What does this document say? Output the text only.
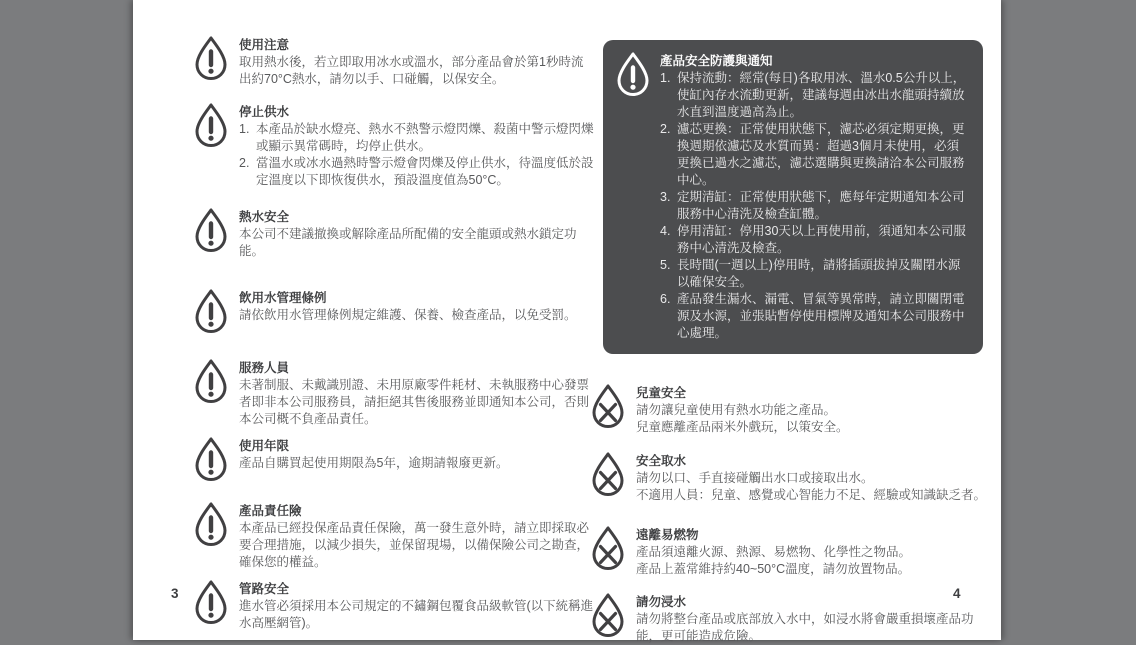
使用注意
取用熱水後，若立即取用冰水或溫水，部分產品會於第1秒時流出約70°C熱水，請勿以手、口碰觸，以保安全。
停止供水
本產品於缺水燈亮、熱水不熱警示燈閃爍、殺菌中警示燈閃爍或顯示異常碼時，均停止供水。
當溫水或冰水過熱時警示燈會閃爍及停止供水，待溫度低於設定溫度以下即恢復供水，預設溫度值為50°C。
熱水安全
本公司不建議撤換或解除產品所配備的安全龍頭或熱水鎖定功能。
飲用水管理條例
請依飲用水管理條例規定維護、保養、檢查產品，以免受罰。
服務人員
未著制服、未戴識別證、未用原廠零件耗材、未執服務中心發票者即非本公司服務員，請拒絕其售後服務並即通知本公司，否則本公司概不負產品責任。
使用年限
產品自購買起使用期限為5年，逾期請報廢更新。
產品責任險
本產品已經投保產品責任保險，萬一發生意外時，請立即採取必要合理措施，以減少損失，並保留現場，以備保險公司之勘查，確保您的權益。
管路安全
進水管必須採用本公司規定的不鏽鋼包覆食品級軟管(以下統稱進水高壓網管)。
產品安全防護與通知
保持流動：經常(每日)各取用冰、溫水0.5公升以上，使缸內存水流動更新，建議每週由冰出水龍頭持續放水直到溫度過高為止。
濾芯更換：正常使用狀態下，濾芯必須定期更換，更換週期依濾芯及水質而異：超過3個月未使用，必須更換已過水之濾芯，濾芯選購與更換請洽本公司服務中心。
定期清缸：正常使用狀態下，應每年定期通知本公司服務中心清洗及檢查缸體。
停用清缸：停用30天以上再使用前，須通知本公司服務中心清洗及檢查。
長時間(一週以上)停用時，請將插頭拔掉及關閉水源以確保安全。
產品發生漏水、漏電、冒氣等異常時，請立即關閉電源及水源，並張貼暫停使用標牌及通知本公司服務中心處理。
兒童安全
請勿讓兒童使用有熱水功能之產品。
兒童應離產品兩米外戲玩，以策安全。
安全取水
請勿以口、手直接碰觸出水口或接取出水。
不適用人員：兒童、感覺或心智能力不足、經驗或知識缺乏者。
遠離易燃物
產品須遠離火源、熱源、易燃物、化學性之物品。
產品上蓋常維持約40~50°C溫度，請勿放置物品。
請勿浸水
請勿將整台產品或底部放入水中，如浸水將會嚴重損壞產品功能，更可能造成危險。
3	4
